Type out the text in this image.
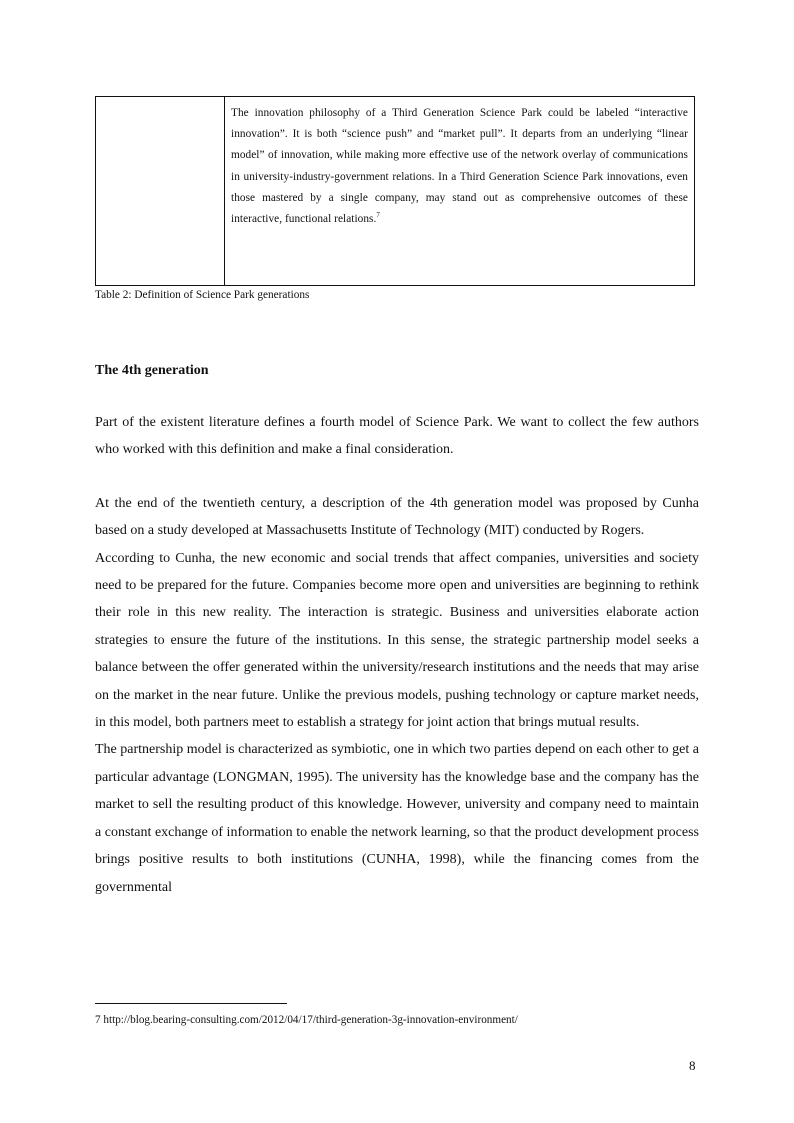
The innovation philosophy of a Third Generation Science Park could be labeled “interactive innovation”. It is both “science push” and “market pull”. It departs from an underlying “linear model” of innovation, while making more effective use of the network overlay of communications in university-industry-government relations. In a Third Generation Science Park innovations, even those mastered by a single company, may stand out as comprehensive outcomes of these interactive, functional relations.$^7$
Table 2: Definition of Science Park generations
The 4th generation

Part of the existent literature defines a fourth model of Science Park. We want to collect the few authors who worked with this definition and make a final consideration.

At the end of the twentieth century, a description of the 4th generation model was proposed by Cunha based on a study developed at Massachusetts Institute of Technology (MIT) conducted by Rogers.

According to Cunha, the new economic and social trends that affect companies, universities and society need to be prepared for the future. Companies become more open and universities are beginning to rethink their role in this new reality. The interaction is strategic. Business and universities elaborate action strategies to ensure the future of the institutions. In this sense, the strategic partnership model seeks a balance between the offer generated within the university/research institutions and the needs that may arise on the market in the near future. Unlike the previous models, pushing technology or capture market needs, in this model, both partners meet to establish a strategy for joint action that brings mutual results.

The partnership model is characterized as symbiotic, one in which two parties depend on each other to get a particular advantage (LONGMAN, 1995). The university has the knowledge base and the company has the market to sell the resulting product of this knowledge. However, university and company need to maintain a constant exchange of information to enable the network learning, so that the product development process brings positive results to both institutions (CUNHA, 1998), while the financing comes from the governmental

7 http://blog.bearing-consulting.com/2012/04/17/third-generation-3g-innovation-environment/
8
